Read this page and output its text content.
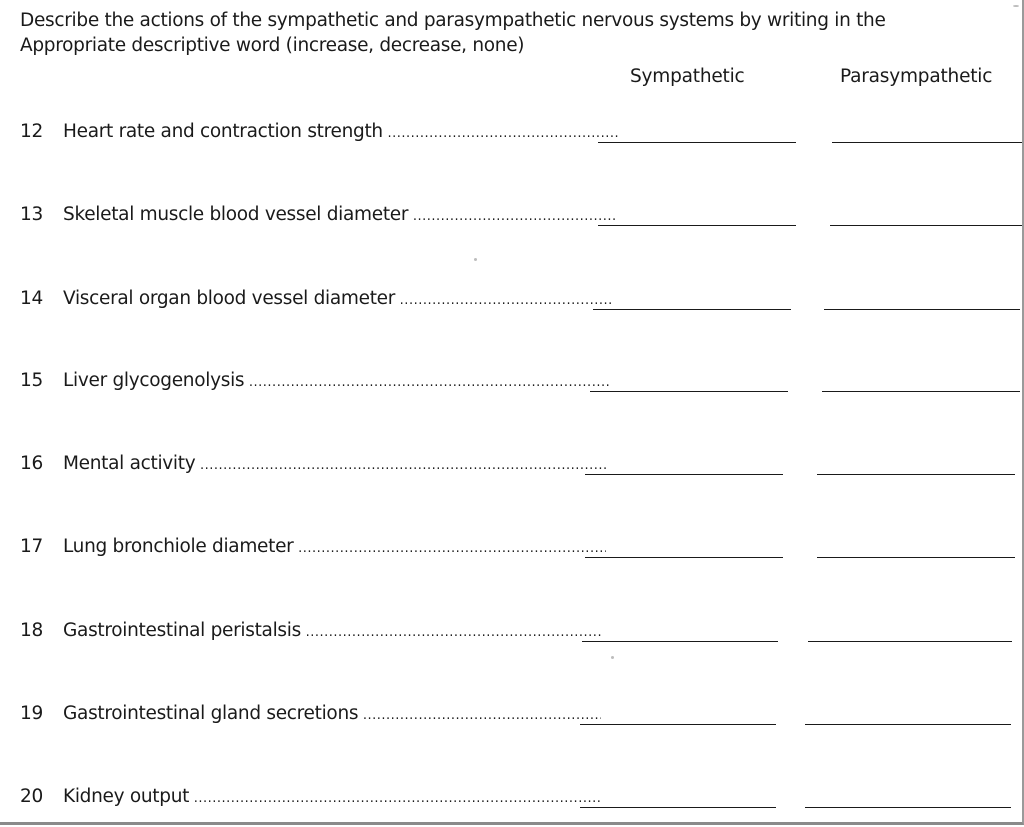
Describe the actions of the sympathetic and parasympathetic nervous systems by writing in the
Appropriate descriptive word (increase, decrease, none)

Sympathetic	Parasympathetic
12 Heart rate and contraction strength .....
13 Skeletal muscle blood vessel diameter .....
14 Visceral organ blood vessel diameter .....
15 Liver glycogenolysis .....
16 Mental activity .....
17 Lung bronchiole diameter .....
18 Gastrointestinal peristalsis .....
19 Gastrointestinal gland secretions .....
20 Kidney output .....
